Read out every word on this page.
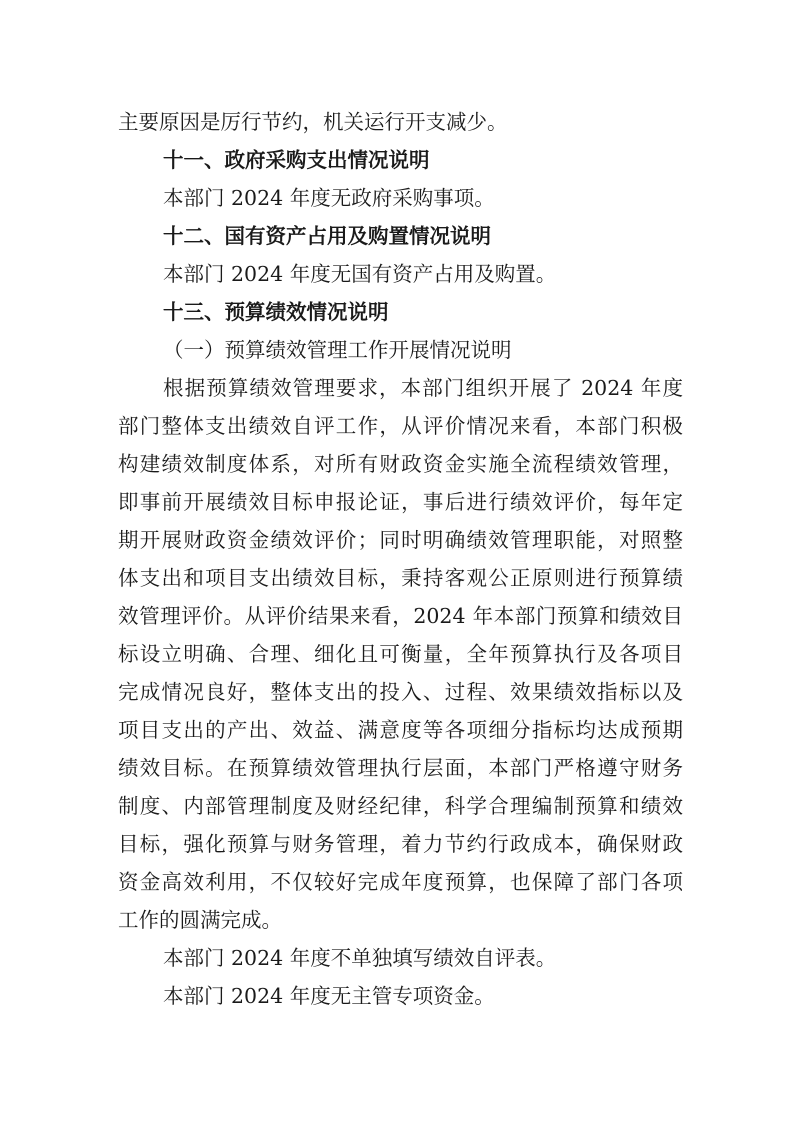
主要原因是厉行节约，机关运行开支减少。
十一、政府采购支出情况说明
本部门 2024 年度无政府采购事项。
十二、国有资产占用及购置情况说明
本部门 2024 年度无国有资产占用及购置。
十三、预算绩效情况说明
（一）预算绩效管理工作开展情况说明
根据预算绩效管理要求，本部门组织开展了 2024 年度
部门整体支出绩效自评工作，从评价情况来看，本部门积极
构建绩效制度体系，对所有财政资金实施全流程绩效管理，
即事前开展绩效目标申报论证，事后进行绩效评价，每年定
期开展财政资金绩效评价；同时明确绩效管理职能，对照整
体支出和项目支出绩效目标，秉持客观公正原则进行预算绩
效管理评价。从评价结果来看，2024 年本部门预算和绩效目
标设立明确、合理、细化且可衡量，全年预算执行及各项目
完成情况良好，整体支出的投入、过程、效果绩效指标以及
项目支出的产出、效益、满意度等各项细分指标均达成预期
绩效目标。在预算绩效管理执行层面，本部门严格遵守财务
制度、内部管理制度及财经纪律，科学合理编制预算和绩效
目标，强化预算与财务管理，着力节约行政成本，确保财政
资金高效利用，不仅较好完成年度预算，也保障了部门各项
工作的圆满完成。
本部门 2024 年度不单独填写绩效自评表。
本部门 2024 年度无主管专项资金。
